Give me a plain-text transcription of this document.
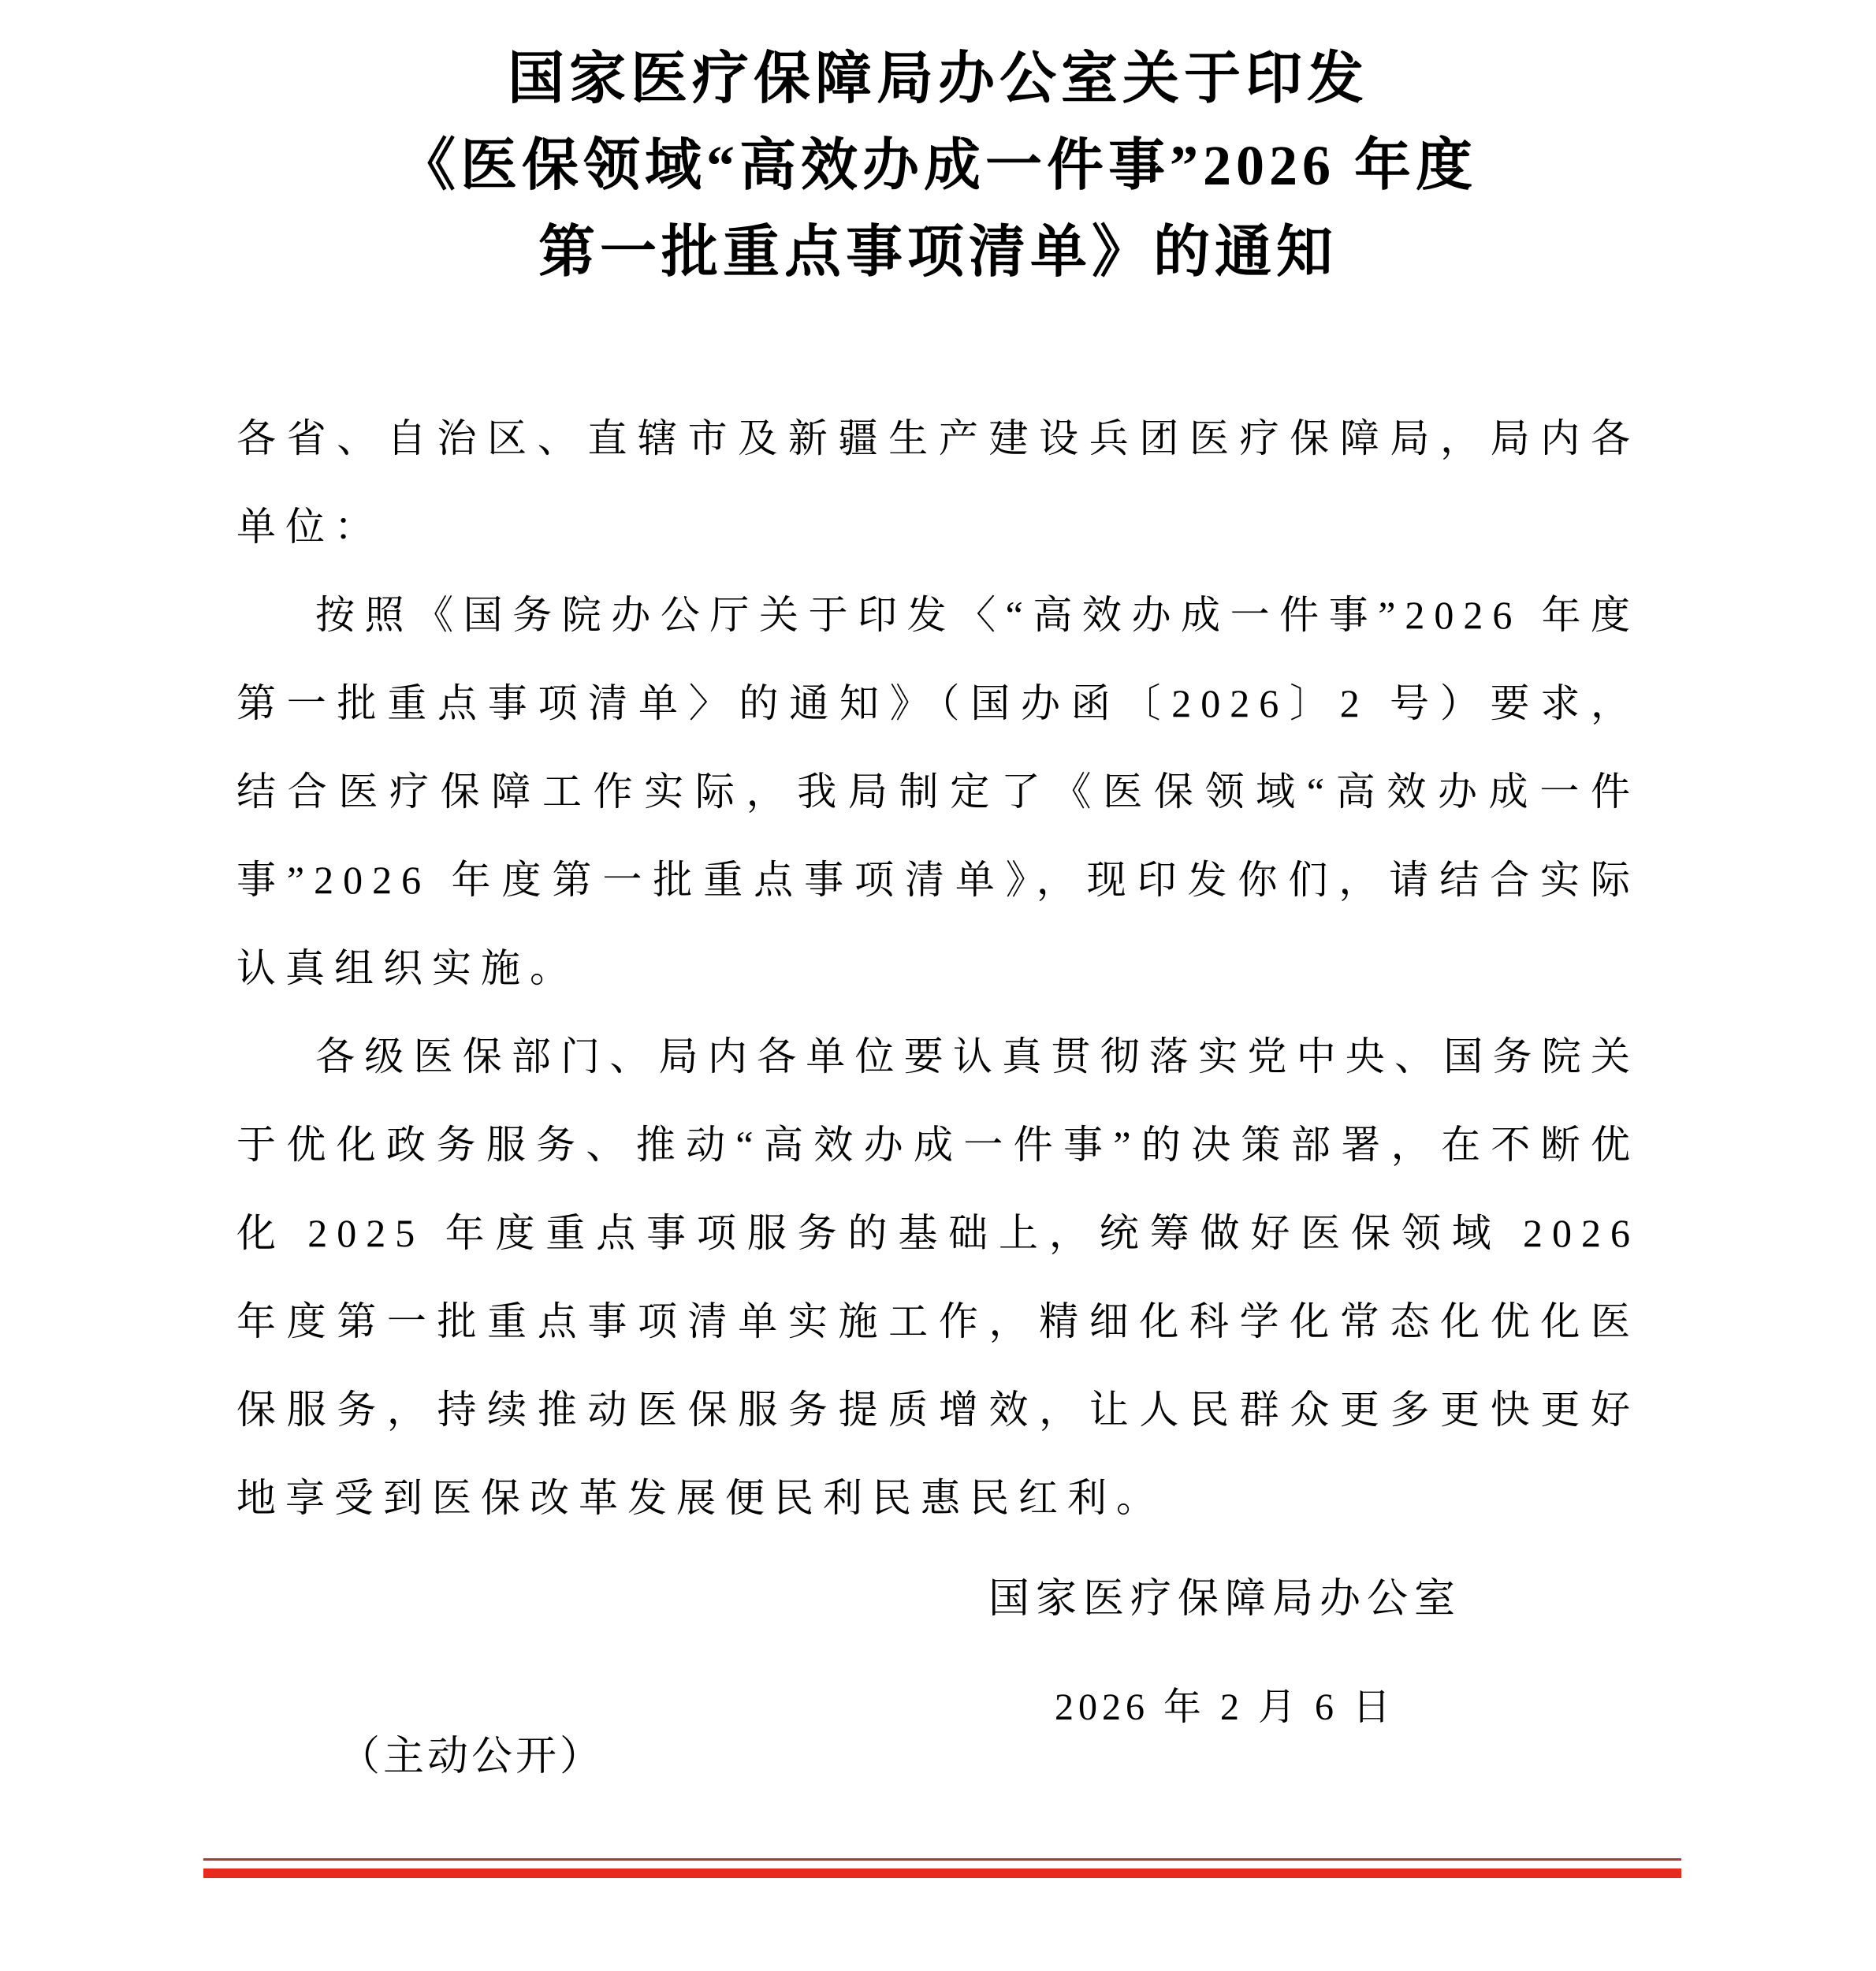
国家医疗保障局办公室关于印发
《医保领域“高效办成一件事”2026 年度
第一批重点事项清单》的通知

各省、自治区、直辖市及新疆生产建设兵团医疗保障局，局内各单位：

按照《国务院办公厅关于印发〈“高效办成一件事”2026 年度第一批重点事项清单〉的通知》（国办函〔2026〕2 号）要求，结合医疗保障工作实际，我局制定了《医保领域“高效办成一件事”2026 年度第一批重点事项清单》，现印发你们，请结合实际认真组织实施。

各级医保部门、局内各单位要认真贯彻落实党中央、国务院关于优化政务服务、推动“高效办成一件事”的决策部署，在不断优化 2025 年度重点事项服务的基础上，统筹做好医保领域 2026 年度第一批重点事项清单实施工作，精细化科学化常态化优化医保服务，持续推动医保服务提质增效，让人民群众更多更快更好地享受到医保改革发展便民利民惠民红利。

国家医疗保障局办公室
2026 年 2 月 6 日
（主动公开）
